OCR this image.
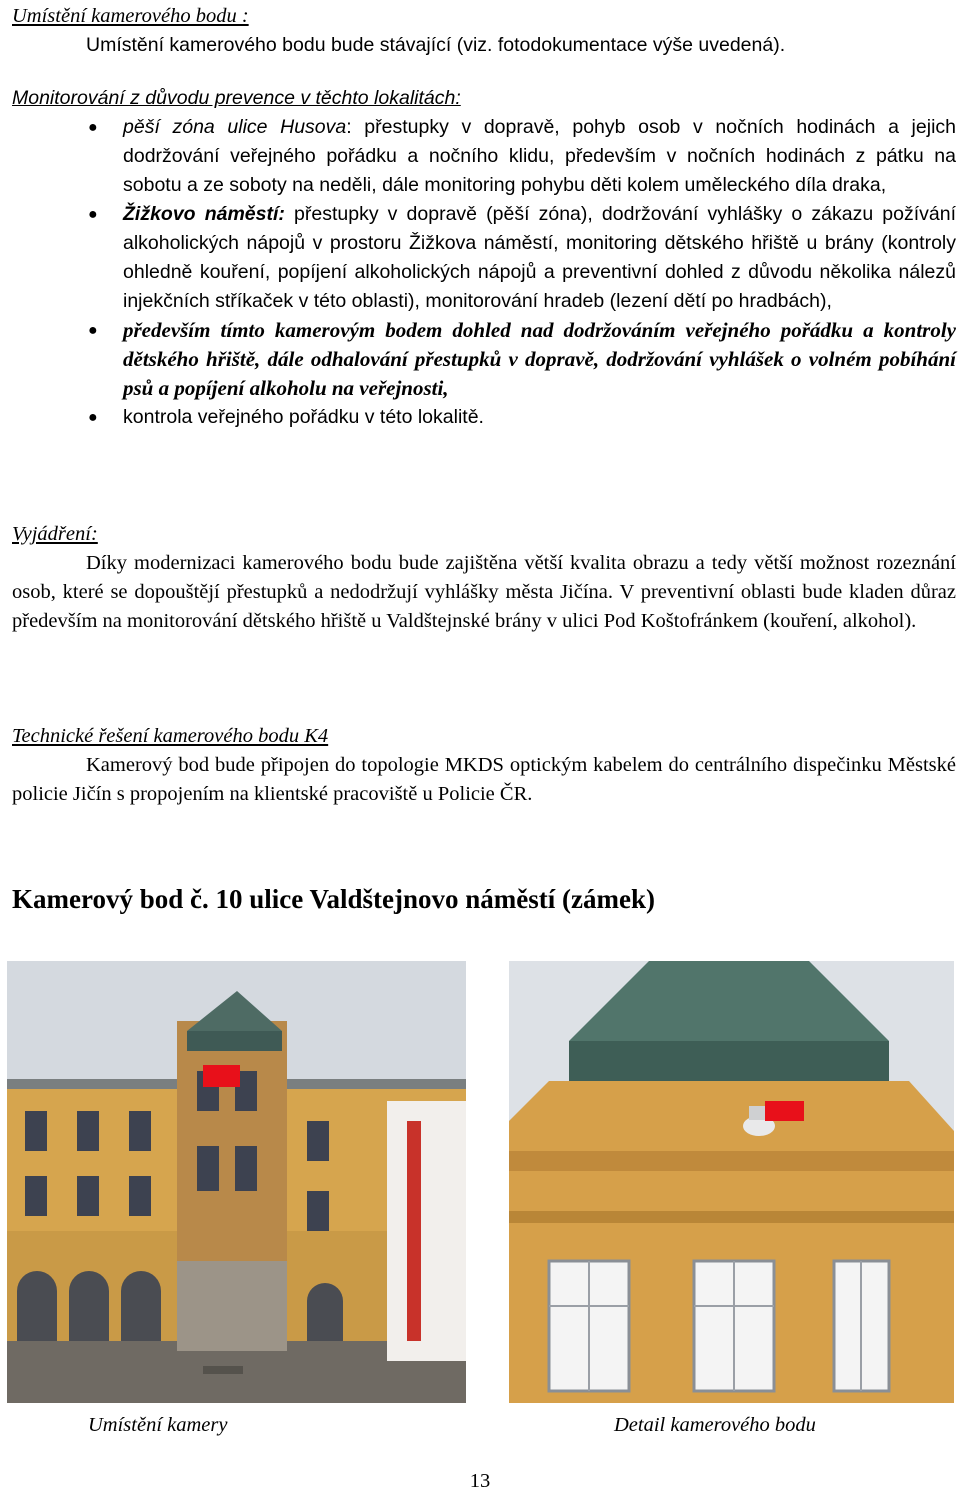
Umístění kamerového bodu :
Umístění kamerového bodu bude stávající (viz. fotodokumentace výše uvedená).
Monitorování z důvodu prevence v těchto lokalitách:
● pěší zóna ulice Husova: přestupky v dopravě, pohyb osob v nočních hodinách a jejich dodržování veřejného pořádku a nočního klidu, především v nočních hodinách z pátku na sobotu a ze soboty na neděli, dále monitoring pohybu děti kolem uměleckého díla draka,
● Žižkovo náměstí: přestupky v dopravě (pěší zóna), dodržování vyhlášky o zákazu požívání alkoholických nápojů v prostoru Žižkova náměstí, monitoring dětského hřiště u brány (kontroly ohledně kouření, popíjení alkoholických nápojů a preventivní dohled z důvodu několika nálezů injekčních stříkaček v této oblasti), monitorování hradeb (lezení dětí po hradbách),
● především tímto kamerovým bodem dohled nad dodržováním veřejného pořádku a kontroly dětského hřiště, dále odhalování přestupků v dopravě, dodržování vyhlášek o volném pobíhání psů a popíjení alkoholu na veřejnosti,
● kontrola veřejného pořádku v této lokalitě.
Vyjádření:
Díky modernizaci kamerového bodu bude zajištěna větší kvalita obrazu a tedy větší možnost rozeznání osob, které se dopouštějí přestupků a nedodržují vyhlášky města Jičína. V preventivní oblasti bude kladen důraz především na monitorování dětského hřiště u Valdštejnské brány v ulici Pod Koštofránkem (kouření, alkohol).
Technické řešení kamerového bodu K4
Kamerový bod bude připojen do topologie MKDS optickým kabelem do centrálního dispečinku Městské policie Jičín s propojením na klientské pracoviště u Policie ČR.
Kamerový bod č. 10 ulice Valdštejnovo náměstí (zámek)
Umístění kamery	Detail kamerového bodu
13
